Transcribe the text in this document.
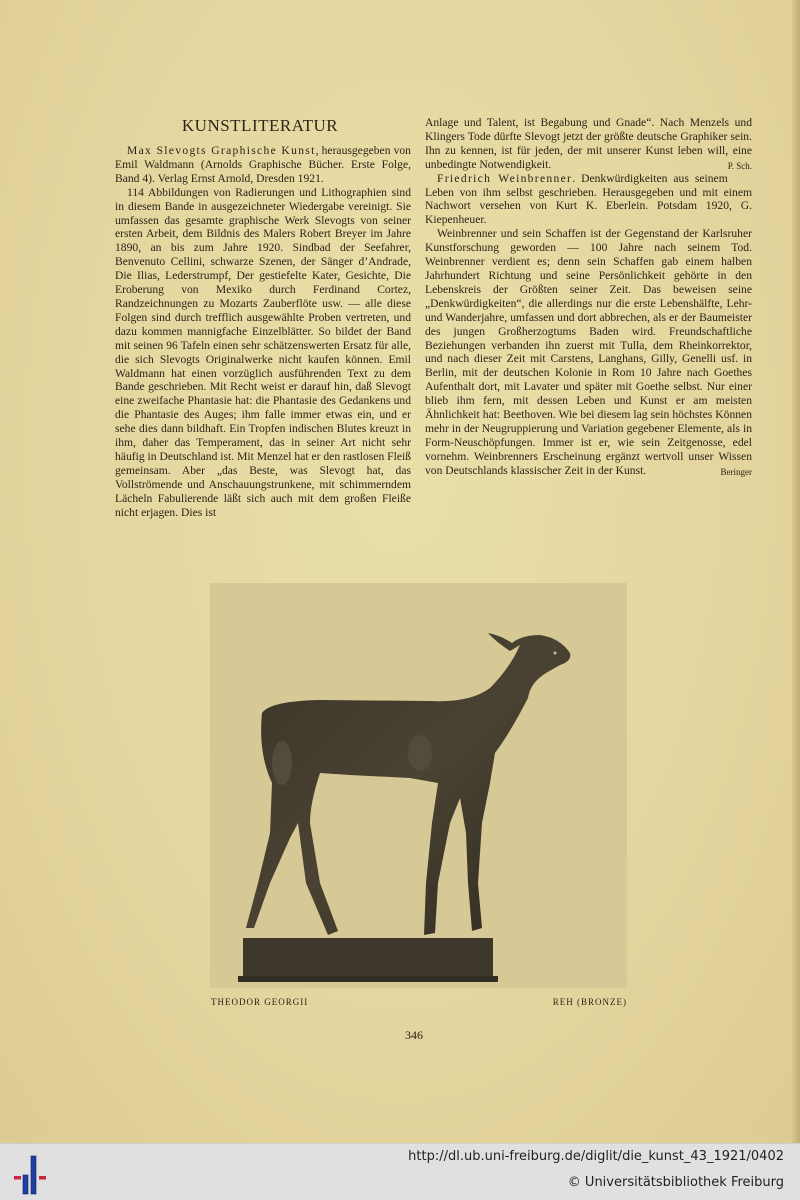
KUNSTLITERATUR

Max Slevogts Graphische Kunst, herausgegeben von Emil Waldmann (Arnolds Graphische Bücher. Erste Folge, Band 4). Verlag Ernst Arnold, Dresden 1921.

114 Abbildungen von Radierungen und Lithographien sind in diesem Bande in ausgezeichneter Wiedergabe vereinigt. Sie umfassen das gesamte graphische Werk Slevogts von seiner ersten Arbeit, dem Bildnis des Malers Robert Breyer im Jahre 1890, an bis zum Jahre 1920. Sindbad der Seefahrer, Benvenuto Cellini, schwarze Szenen, der Sänger d’Andrade, Die Ilias, Lederstrumpf, Der gestiefelte Kater, Gesichte, Die Eroberung von Mexiko durch Ferdinand Cortez, Randzeichnungen zu Mozarts Zauberflöte usw. — alle diese Folgen sind durch trefflich ausgewählte Proben vertreten, und dazu kommen mannigfache Einzelblätter. So bildet der Band mit seinen 96 Tafeln einen sehr schätzenswerten Ersatz für alle, die sich Slevogts Originalwerke nicht kaufen können. Emil Waldmann hat einen vorzüglich ausführenden Text zu dem Bande geschrieben. Mit Recht weist er darauf hin, daß Slevogt eine zweifache Phantasie hat: die Phantasie des Gedankens und die Phantasie des Auges; ihm falle immer etwas ein, und er sehe dies dann bildhaft. Ein Tropfen indischen Blutes kreuzt in ihm, daher das Temperament, das in seiner Art nicht sehr häufig in Deutschland ist. Mit Menzel hat er den rastlosen Fleiß gemeinsam. Aber „das Beste, was Slevogt hat, das Vollströmende und Anschauungstrunkene, mit schimmerndem Lächeln Fabulierende läßt sich auch mit dem großen Fleiße nicht erjagen. Dies ist

Anlage und Talent, ist Begabung und Gnade“. Nach Menzels und Klingers Tode dürfte Slevogt jetzt der größte deutsche Graphiker sein. Ihn zu kennen, ist für jeden, der mit unserer Kunst leben will, eine unbedingte Notwendigkeit.	P. Sch.

Friedrich Weinbrenner. Denkwürdigkeiten aus seinem Leben von ihm selbst geschrieben. Herausgegeben und mit einem Nachwort versehen von Kurt K. Eberlein. Potsdam 1920, G. Kiepenheuer.

Weinbrenner und sein Schaffen ist der Gegenstand der Karlsruher Kunstforschung geworden — 100 Jahre nach seinem Tod. Weinbrenner verdient es; denn sein Schaffen gab einem halben Jahrhundert Richtung und seine Persönlichkeit gehörte in den Lebenskreis der Größten seiner Zeit. Das beweisen seine „Denkwürdigkeiten“, die allerdings nur die erste Lebenshälfte, Lehr- und Wanderjahre, umfassen und dort abbrechen, als er der Baumeister des jungen Großherzogtums Baden wird. Freundschaftliche Beziehungen verbanden ihn zuerst mit Tulla, dem Rheinkorrektor, und nach dieser Zeit mit Carstens, Langhans, Gilly, Genelli usf. in Berlin, mit der deutschen Kolonie in Rom 10 Jahre nach Goethes Aufenthalt dort, mit Lavater und später mit Goethe selbst. Nur einer blieb ihm fern, mit dessen Leben und Kunst er am meisten Ähnlichkeit hat: Beethoven. Wie bei diesem lag sein höchstes Können mehr in der Neugruppierung und Variation gegebener Elemente, als in Form-Neuschöpfungen. Immer ist er, wie sein Zeitgenosse, edel vornehm. Weinbrenners Erscheinung ergänzt wertvoll unser Wissen von Deutschlands klassischer Zeit in der Kunst.	Beringer

THEODOR GEORGII	REH (BRONZE)
346
http://dl.ub.uni-freiburg.de/diglit/die_kunst_43_1921/0402
© Universitätsbibliothek Freiburg
